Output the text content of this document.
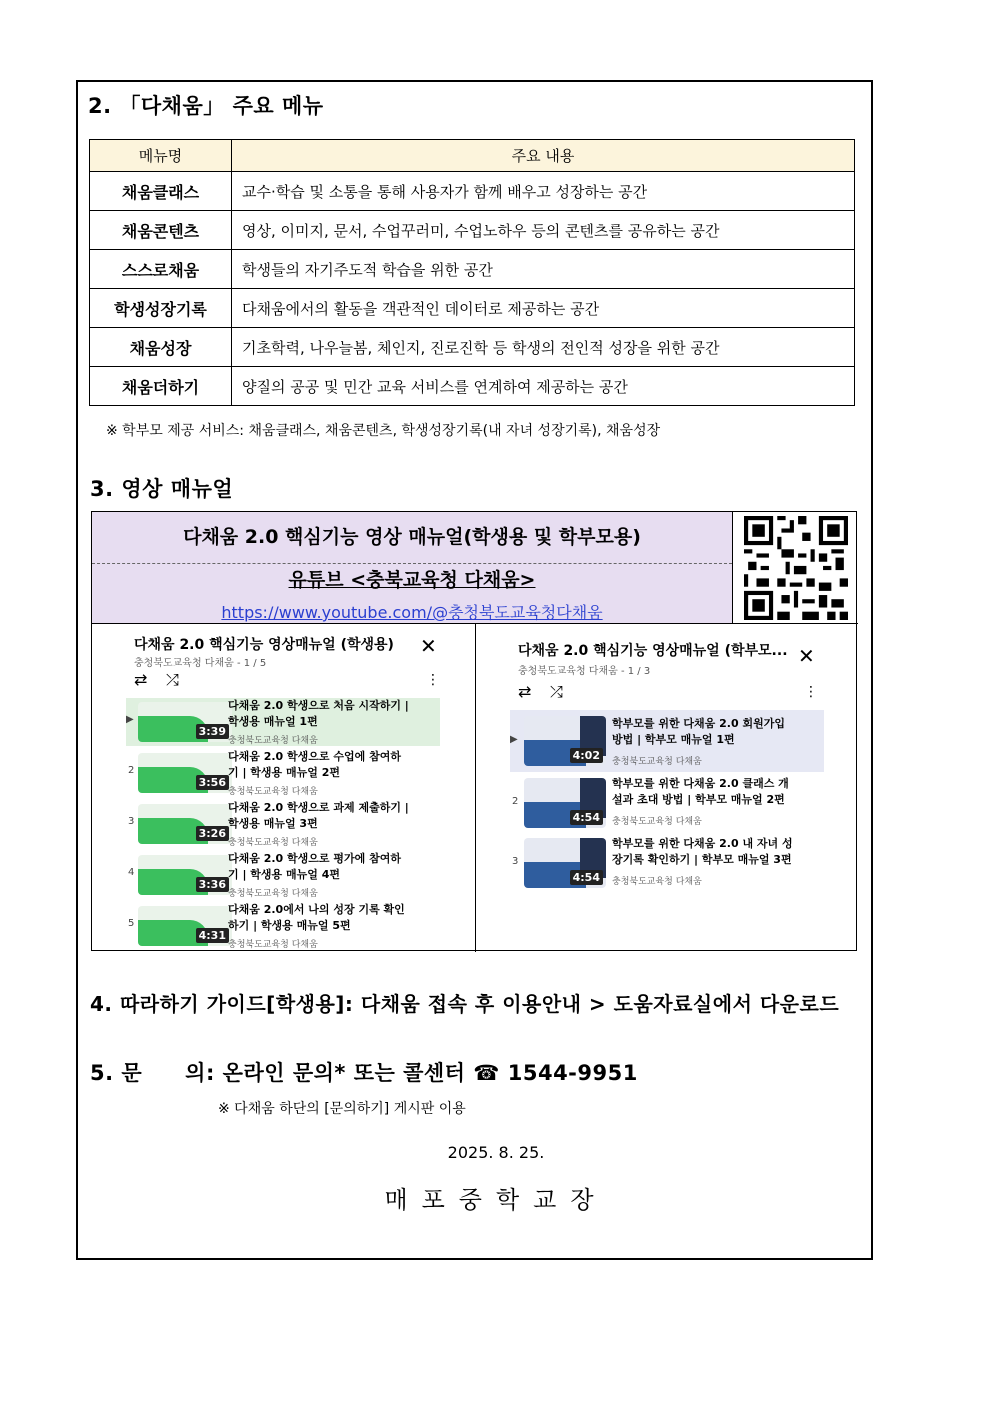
2. 「다채움」 주요 메뉴
메뉴명	주요 내용
채움클래스	교수·학습 및 소통을 통해 사용자가 함께 배우고 성장하는 공간
채움콘텐츠	영상, 이미지, 문서, 수업꾸러미, 수업노하우 등의 콘텐츠를 공유하는 공간
스스로채움	학생들의 자기주도적 학습을 위한 공간
학생성장기록	다채움에서의 활동을 객관적인 데이터로 제공하는 공간
채움성장	기초학력, 나우늘봄, 체인지, 진로진학 등 학생의 전인적 성장을 위한 공간
채움더하기	양질의 공공 및 민간 교육 서비스를 연계하여 제공하는 공간
※ 학부모 제공 서비스: 채움클래스, 채움콘텐츠, 학생성장기록(내 자녀 성장기록), 채움성장
3. 영상 매뉴얼
다채움 2.0 핵심기능 영상 매뉴얼(학생용 및 학부모용)
유튜브 <충북교육청 다채움>
https://www.youtube.com/@충청북도교육청다채움
다채움 2.0 핵심기능 영상매뉴얼 (학생용)
충청북도교육청 다채움 - 1 / 5
✕
⇄ ⤮	⋮
▶
3:39
다채움 2.0 학생으로 처음 시작하기 |
학생용 매뉴얼 1편
충청북도교육청 다채움
2
3:56
다채움 2.0 학생으로 수업에 참여하
기 | 학생용 매뉴얼 2편
충청북도교육청 다채움
3
3:26
다채움 2.0 학생으로 과제 제출하기 |
학생용 매뉴얼 3편
충청북도교육청 다채움
4
3:36
다채움 2.0 학생으로 평가에 참여하
기 | 학생용 매뉴얼 4편
충청북도교육청 다채움
5
4:31
다채움 2.0에서 나의 성장 기록 확인
하기 | 학생용 매뉴얼 5편
충청북도교육청 다채움
다채움 2.0 핵심기능 영상매뉴얼 (학부모...
충청북도교육청 다채움 - 1 / 3
✕
⇄ ⤮	⋮
▶
4:02
학부모를 위한 다채움 2.0 회원가입
방법 | 학부모 매뉴얼 1편
충청북도교육청 다채움
2
4:54
학부모를 위한 다채움 2.0 클래스 개
설과 초대 방법 | 학부모 매뉴얼 2편
충청북도교육청 다채움
3
4:54
학부모를 위한 다채움 2.0 내 자녀 성
장기록 확인하기 | 학부모 매뉴얼 3편
충청북도교육청 다채움
4. 따라하기 가이드[학생용]: 다채움 접속 후 이용안내 > 도움자료실에서 다운로드
5. 문　　의: 온라인 문의* 또는 콜센터 ☎ 1544-9951
※ 다채움 하단의 [문의하기] 게시판 이용
2025. 8. 25.
매포중학교장
